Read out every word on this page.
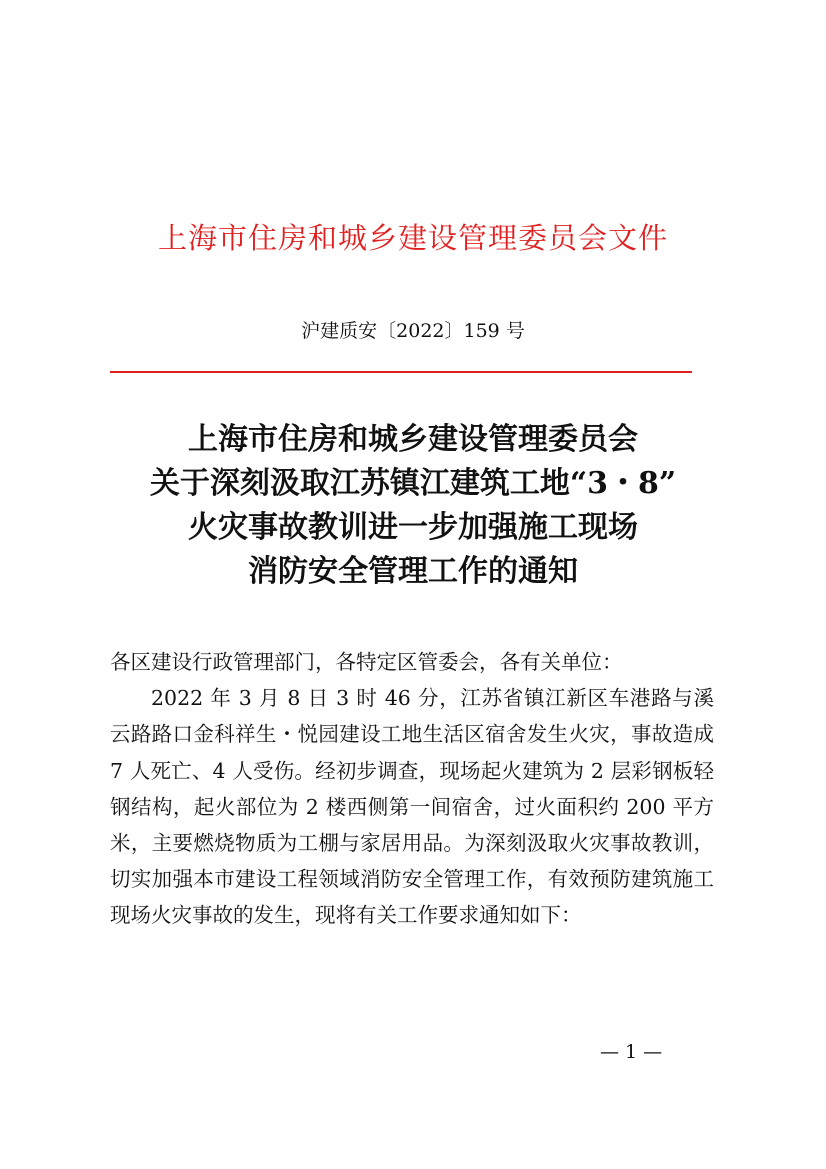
上海市住房和城乡建设管理委员会文件
沪建质安〔2022〕159 号
上海市住房和城乡建设管理委员会
关于深刻汲取江苏镇江建筑工地“3・8”
火灾事故教训进一步加强施工现场
消防安全管理工作的通知

各区建设行政管理部门，各特定区管委会，各有关单位：

2022 年 3 月 8 日 3 时 46 分，江苏省镇江新区车港路与溪云路路口金科祥生・悦园建设工地生活区宿舍发生火灾，事故造成 7 人死亡、4 人受伤。经初步调查，现场起火建筑为 2 层彩钢板轻钢结构，起火部位为 2 楼西侧第一间宿舍，过火面积约 200 平方米，主要燃烧物质为工棚与家居用品。为深刻汲取火灾事故教训，切实加强本市建设工程领域消防安全管理工作，有效预防建筑施工现场火灾事故的发生，现将有关工作要求通知如下：

— 1 —
